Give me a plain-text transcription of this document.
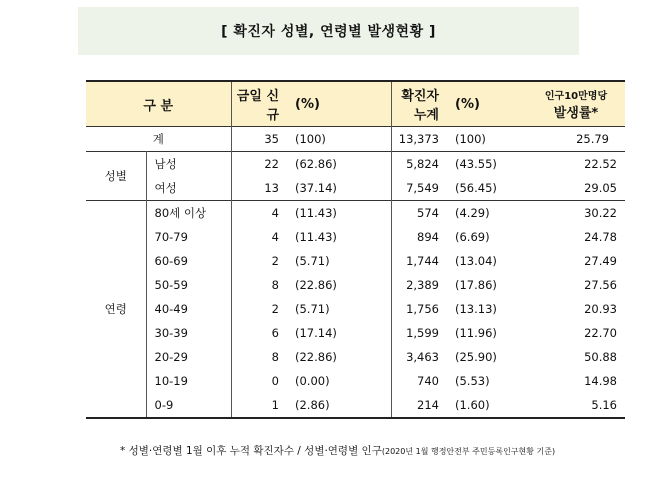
[ 확진자 성별, 연령별 발생현황 ]
구 분		금일 신규	(%)	확진자누계	(%)	인구10만명당
발생률*

계		35	(100)	13,373	(100)	25.79
성별	남성	22	(62.86)	5,824	(43.55)	22.52
	여성	13	(37.14)	7,549	(56.45)	29.05
연령	80세 이상	4	(11.43)	574	(4.29)	30.22
	70-79	4	(11.43)	894	(6.69)	24.78
	60-69	2	(5.71)	1,744	(13.04)	27.49
	50-59	8	(22.86)	2,389	(17.86)	27.56
	40-49	2	(5.71)	1,756	(13.13)	20.93
	30-39	6	(17.14)	1,599	(11.96)	22.70
	20-29	8	(22.86)	3,463	(25.90)	50.88
	10-19	0	(0.00)	740	(5.53)	14.98
	0-9	1	(2.86)	214	(1.60)	5.16
* 성별·연령별 1월 이후 누적 확진자수 / 성별·연령별 인구(2020년 1월 행정안전부 주민등록인구현황 기준)
